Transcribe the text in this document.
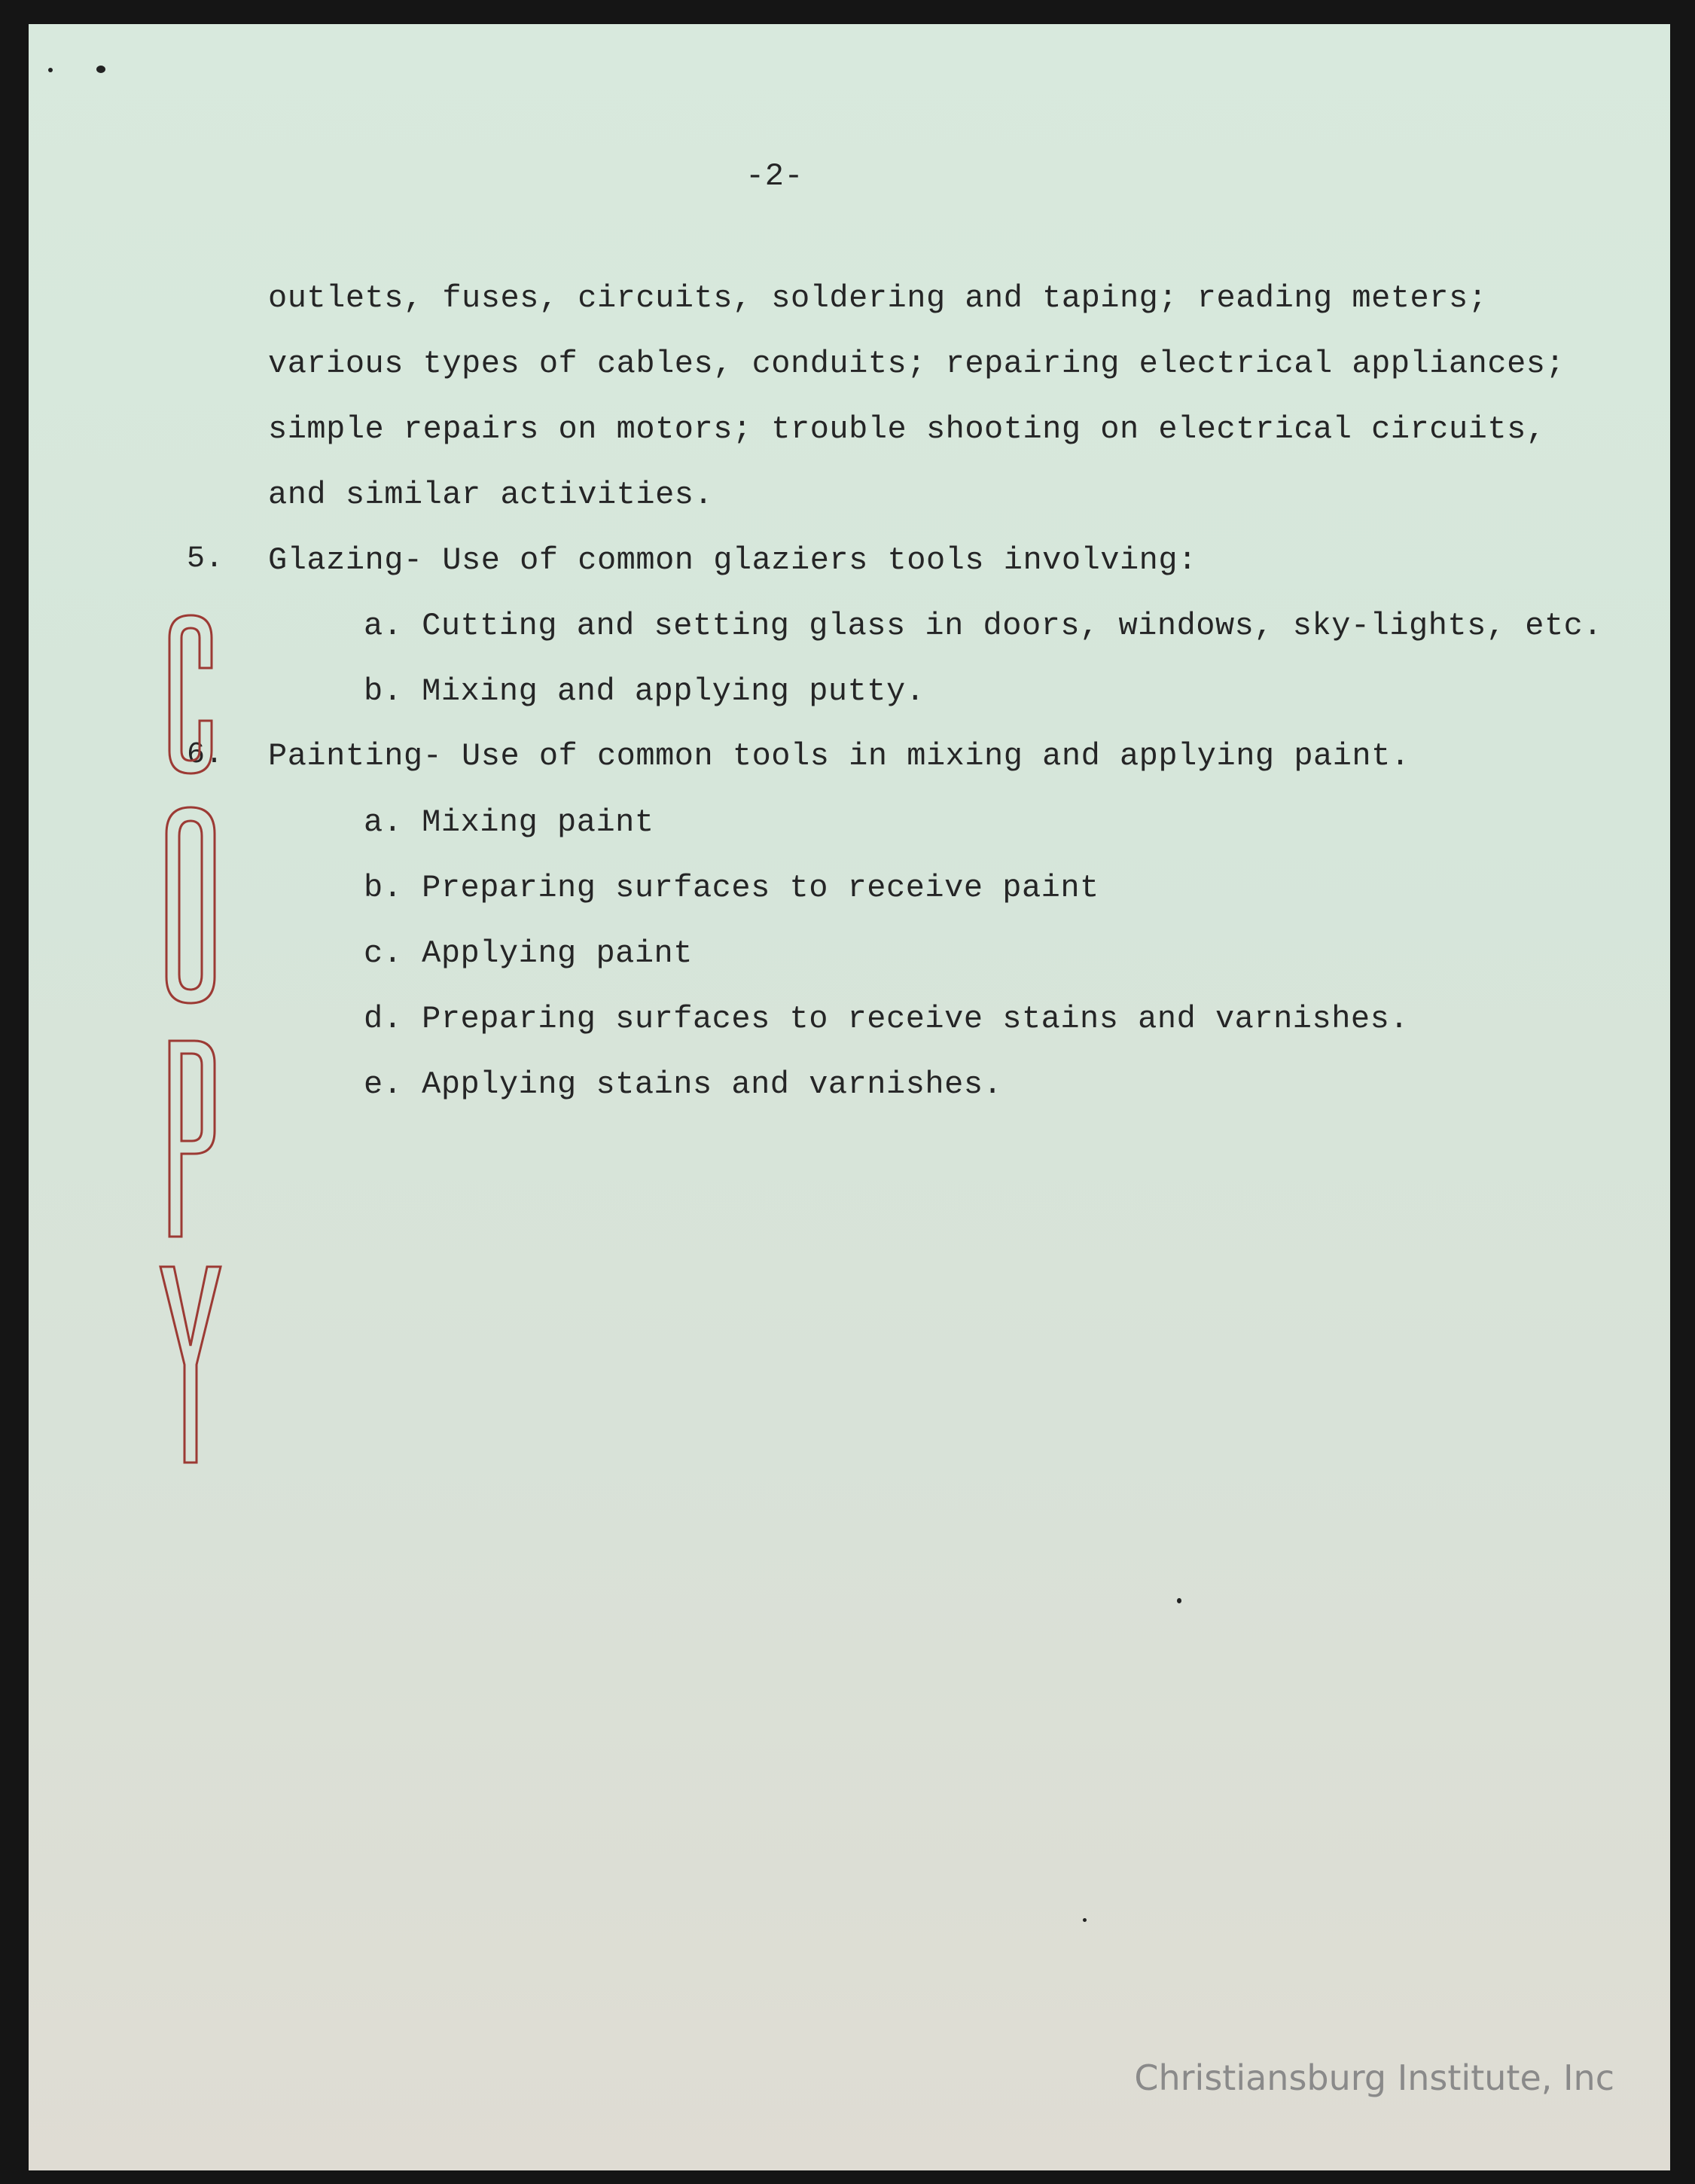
-2-
outlets, fuses, circuits, soldering and taping; reading meters;
various types of cables, conduits; repairing electrical appliances;
simple repairs on motors; trouble shooting on electrical circuits,
and similar activities.
5. Glazing- Use of common glaziers tools involving:
a. Cutting and setting glass in doors, windows, sky-lights, etc.
b. Mixing and applying putty.
6. Painting- Use of common tools in mixing and applying paint.
a. Mixing paint
b. Preparing surfaces to receive paint
c. Applying paint
d. Preparing surfaces to receive stains and varnishes.
e. Applying stains and varnishes.
Christiansburg Institute, Inc
